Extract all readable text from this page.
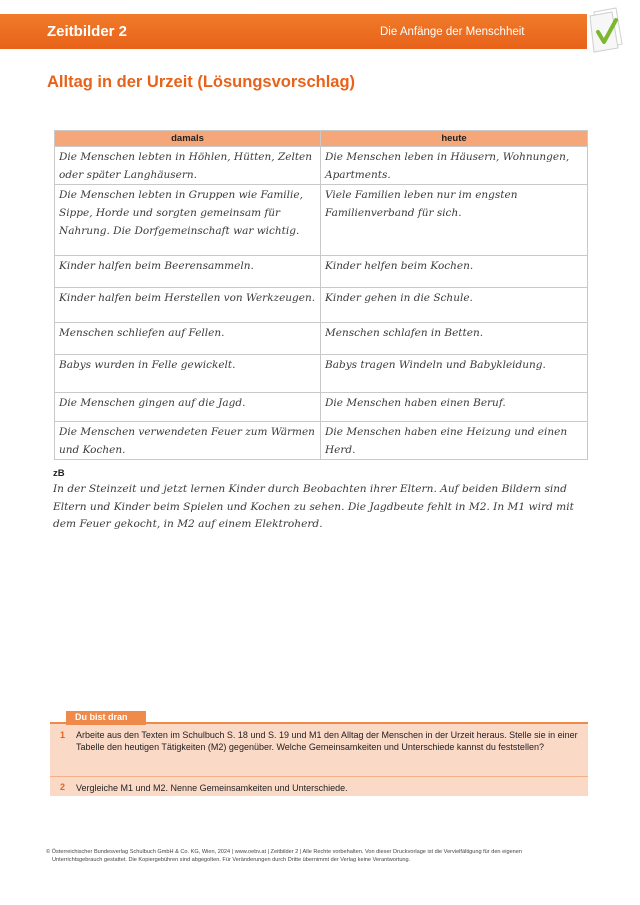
Zeitbilder 2	Die Anfänge der Menschheit
Alltag in der Urzeit (Lösungsvorschlag)
damals	heute
Die Menschen lebten in Höhlen, Hütten, Zelten oder später Langhäusern.	Die Menschen leben in Häusern, Wohnungen, Apartments.
Die Menschen lebten in Gruppen wie Familie, Sippe, Horde und sorgten gemeinsam für Nahrung. Die Dorfgemeinschaft war wichtig.	Viele Familien leben nur im engsten Familienverband für sich.
Kinder halfen beim Beerensammeln.	Kinder helfen beim Kochen.
Kinder halfen beim Herstellen von Werkzeugen.	Kinder gehen in die Schule.
Menschen schliefen auf Fellen.	Menschen schlafen in Betten.
Babys wurden in Felle gewickelt.	Babys tragen Windeln und Babykleidung.
Die Menschen gingen auf die Jagd.	Die Menschen haben einen Beruf.
Die Menschen verwendeten Feuer zum Wärmen und Kochen.	Die Menschen haben eine Heizung und einen Herd.
zB

In der Steinzeit und jetzt lernen Kinder durch Beobachten ihrer Eltern. Auf beiden Bildern sind Eltern und Kinder beim Spielen und Kochen zu sehen. Die Jagdbeute fehlt in M2. In M1 wird mit dem Feuer gekocht, in M2 auf einem Elektroherd.

Du bist dran
1 Arbeite aus den Texten im Schulbuch S. 18 und S. 19 und M1 den Alltag der Menschen in der Urzeit heraus. Stelle sie in einer Tabelle den heutigen Tätigkeiten (M2) gegenüber. Welche Gemeinsamkeiten und Unterschiede kannst du feststellen?

2 Vergleiche M1 und M2. Nenne Gemeinsamkeiten und Unterschiede.

© Österreichischer Bundesverlag Schulbuch GmbH & Co. KG, Wien, 2024 | www.oebv.at | Zeitbilder 2 | Alle Rechte vorbehalten. Von dieser Druckvorlage ist die Vervielfältigung für den eigenen
Unterrichtsgebrauch gestattet. Die Kopiergebühren sind abgegolten. Für Veränderungen durch Dritte übernimmt der Verlag keine Verantwortung.
